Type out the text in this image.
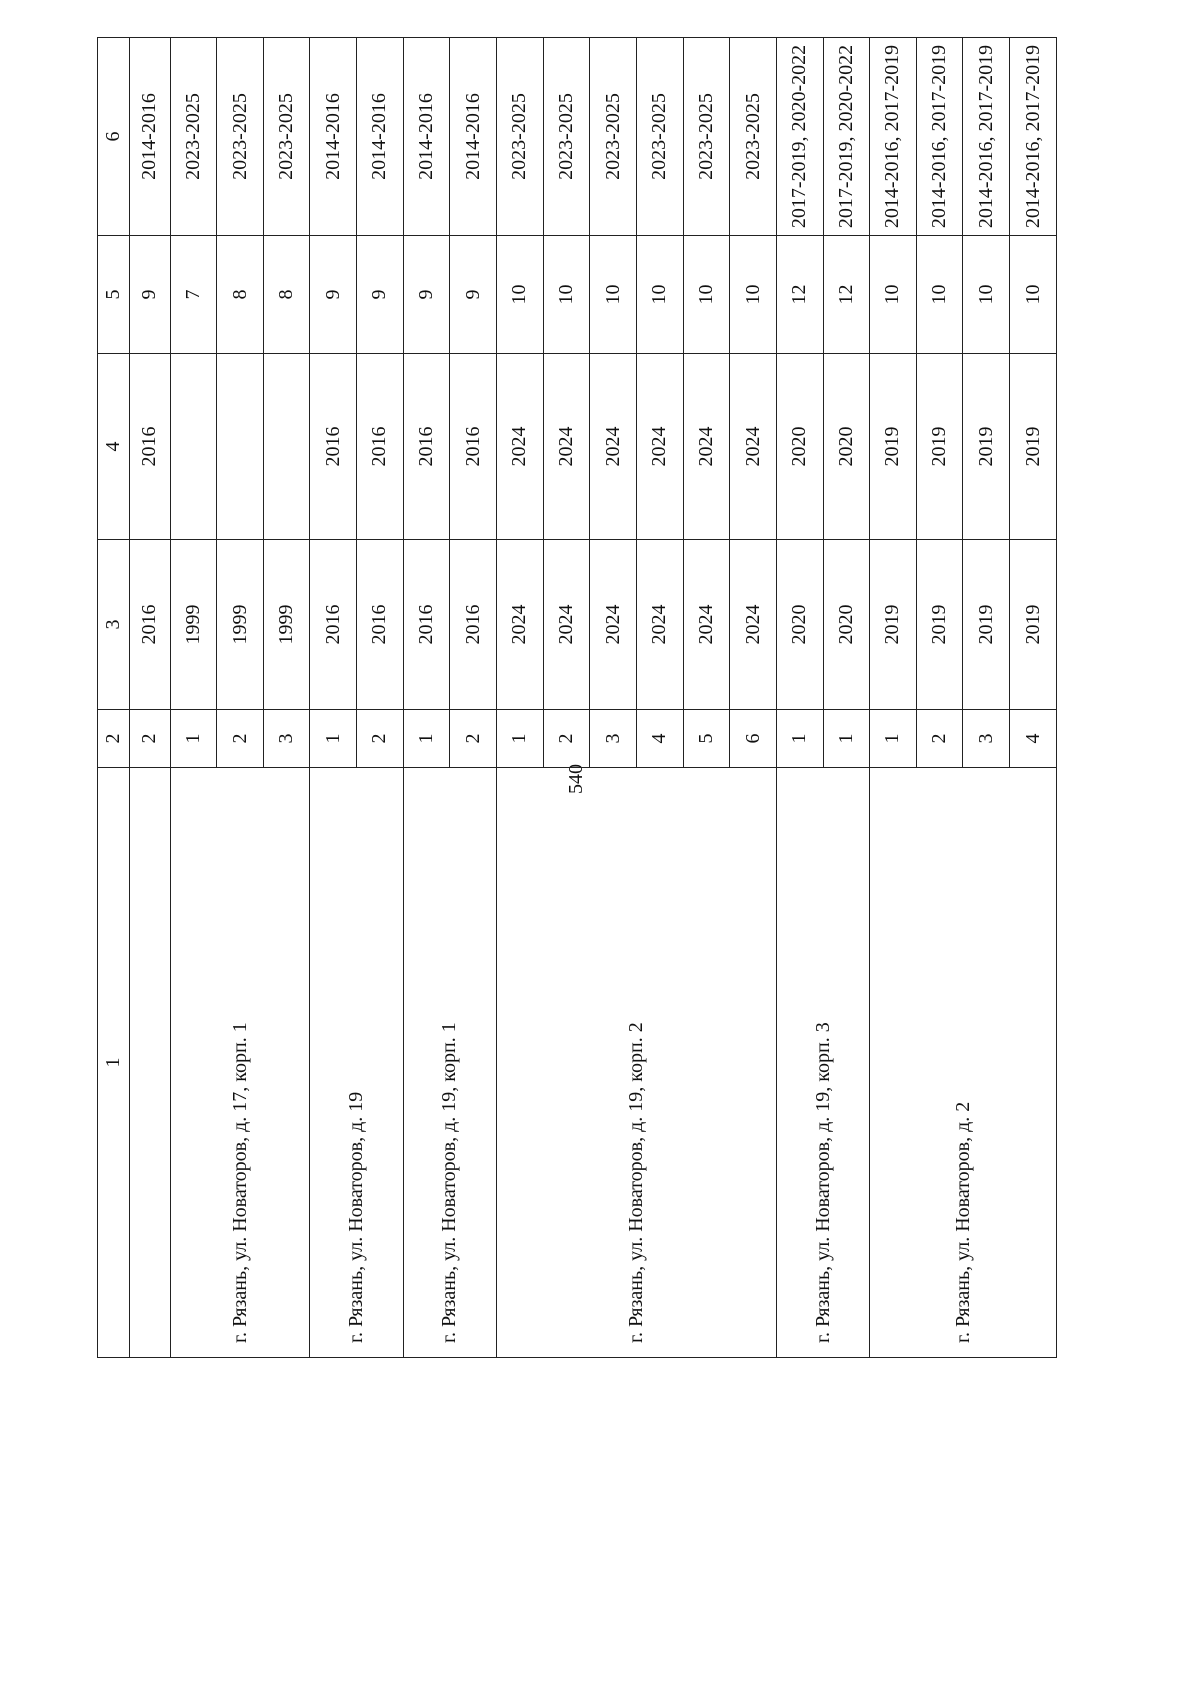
540
1	2	3	4	5	6
	2	2016	2016	9	2014-2016
г. Рязань, ул. Новаторов, д. 17, корп. 1	1	1999		7	2023-2025
	2	1999		8	2023-2025
	3	1999		8	2023-2025
г. Рязань, ул. Новаторов, д. 19	1	2016	2016	9	2014-2016
	2	2016	2016	9	2014-2016
г. Рязань, ул. Новаторов, д. 19, корп. 1	1	2016	2016	9	2014-2016
	2	2016	2016	9	2014-2016
г. Рязань, ул. Новаторов, д. 19, корп. 2	1	2024	2024	10	2023-2025
	2	2024	2024	10	2023-2025
	3	2024	2024	10	2023-2025
	4	2024	2024	10	2023-2025
	5	2024	2024	10	2023-2025
	6	2024	2024	10	2023-2025
г. Рязань, ул. Новаторов, д. 19, корп. 3	1	2020	2020	12	2017-2019, 2020-2022
	1	2020	2020	12	2017-2019, 2020-2022
г. Рязань, ул. Новаторов, д. 2	1	2019	2019	10	2014-2016, 2017-2019
	2	2019	2019	10	2014-2016, 2017-2019
	3	2019	2019	10	2014-2016, 2017-2019
	4	2019	2019	10	2014-2016, 2017-2019
